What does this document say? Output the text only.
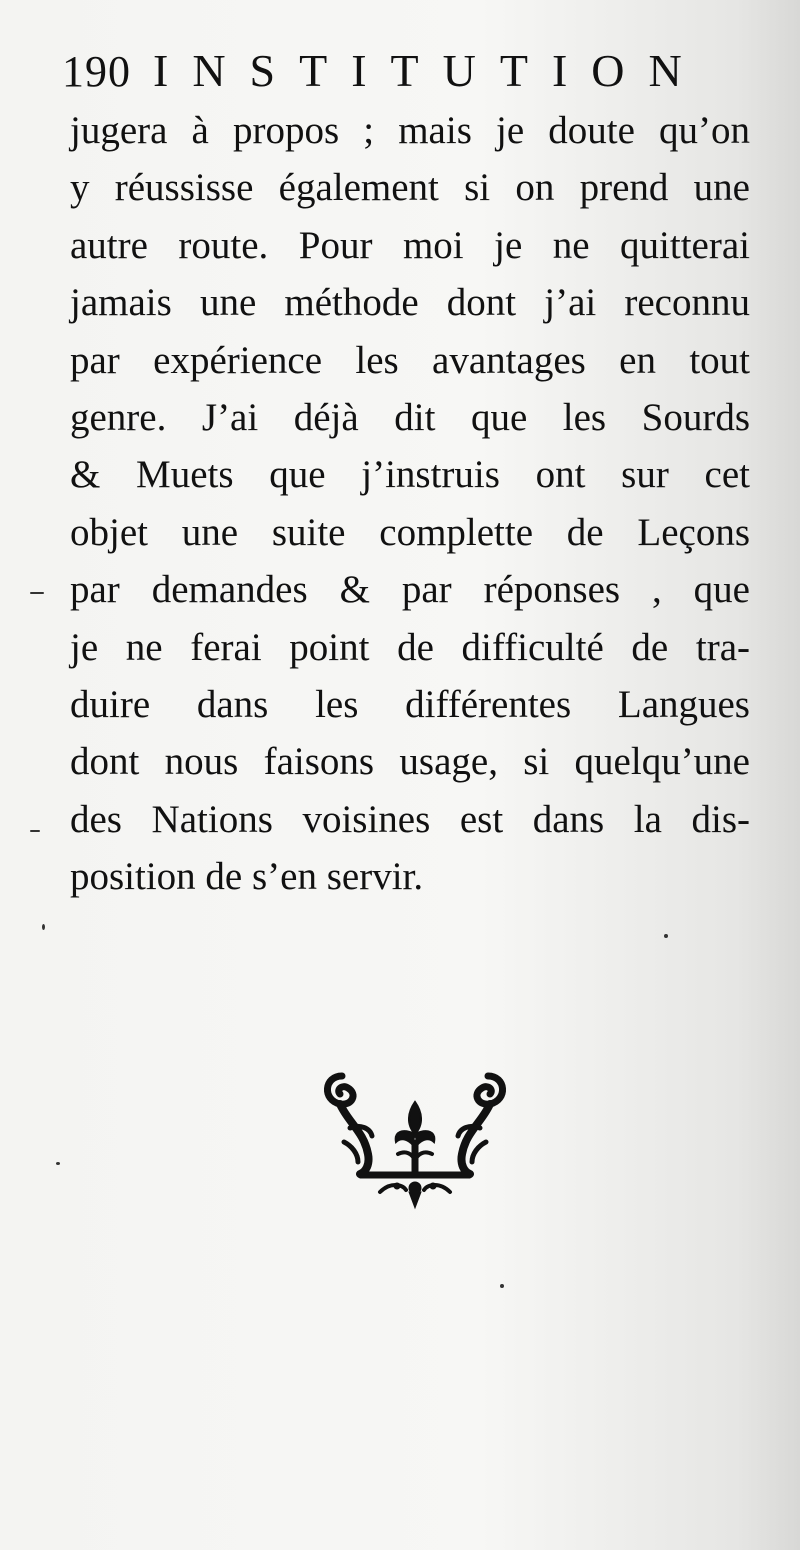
190 INSTITUTION
jugera à propos ; mais je doute qu’on
y réussisse également si on prend une
autre route. Pour moi je ne quitterai
jamais une méthode dont j’ai reconnu
par expérience les avantages en tout
genre. J’ai déjà dit que les Sourds
& Muets que j’instruis ont sur cet
objet une suite complette de Leçons
par demandes & par réponses , que
je ne ferai point de difficulté de tra-
duire dans les différentes Langues
dont nous faisons usage, si quelqu’une
des Nations voisines est dans la dis-
position de s’en servir.
